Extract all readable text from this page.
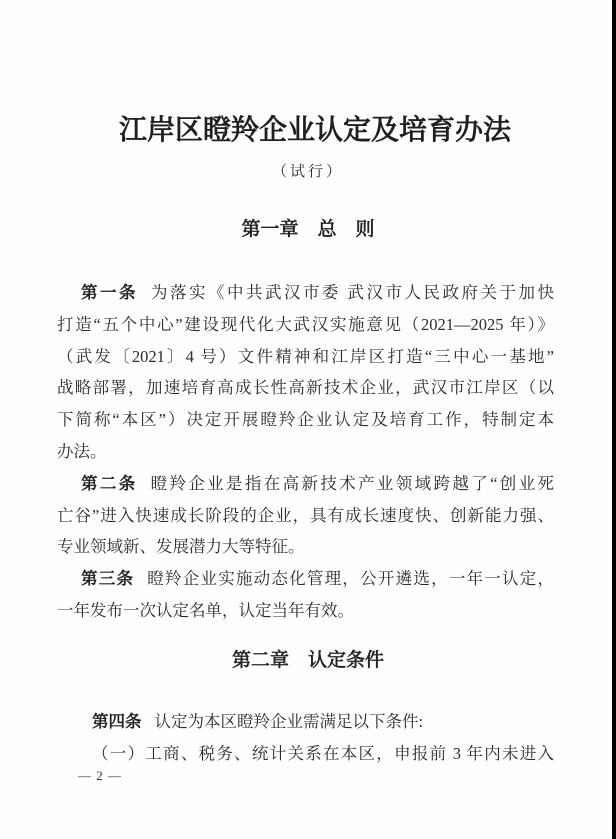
江岸区瞪羚企业认定及培育办法
（试行）
第一章　总　则
第一条 为落实《中共武汉市委 武汉市人民政府关于加快
打造“五个中心”建设现代化大武汉实施意见（2021—2025 年）》
（武发〔2021〕4 号）文件精神和江岸区打造“三中心一基地”
战略部署，加速培育高成长性高新技术企业，武汉市江岸区（以
下简称“本区”）决定开展瞪羚企业认定及培育工作，特制定本
办法。
第二条 瞪羚企业是指在高新技术产业领域跨越了“创业死
亡谷”进入快速成长阶段的企业，具有成长速度快、创新能力强、
专业领域新、发展潜力大等特征。
第三条 瞪羚企业实施动态化管理，公开遴选，一年一认定，
一年发布一次认定名单，认定当年有效。
第二章　认定条件
第四条 认定为本区瞪羚企业需满足以下条件:
（一）工商、税务、统计关系在本区，申报前 3 年内未进入
— 2 —
